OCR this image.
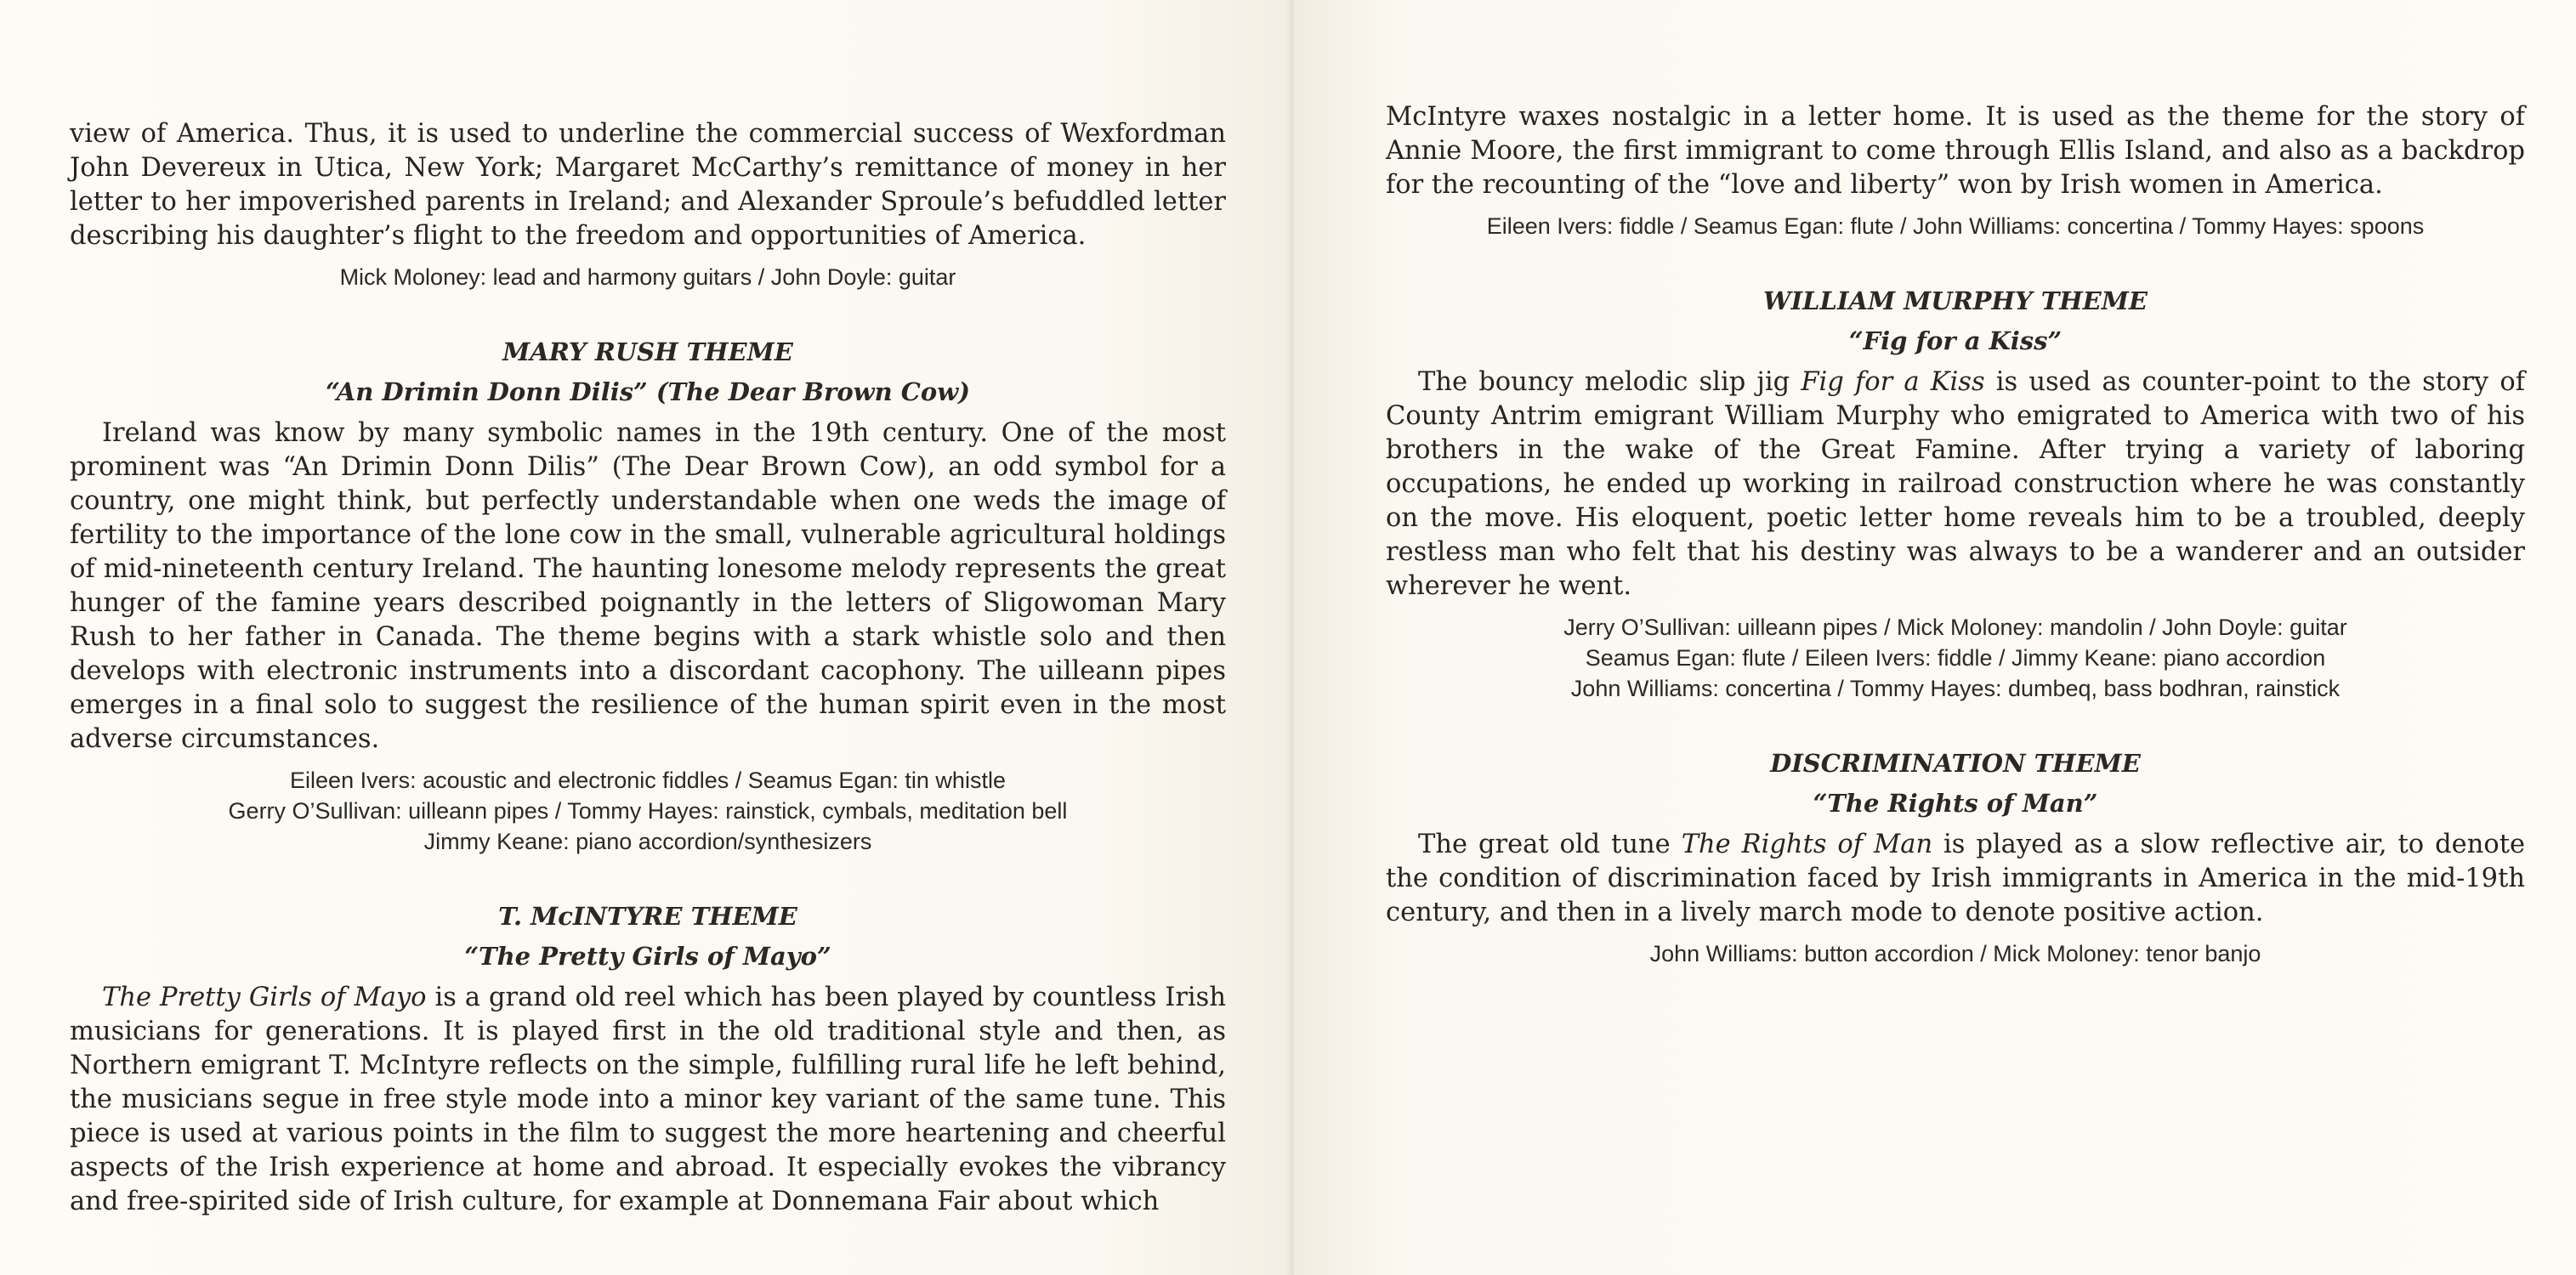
view of America. Thus, it is used to underline the commercial success of Wexfordman John Devereux in Utica, New York; Margaret McCarthy’s remittance of money in her letter to her impoverished parents in Ireland; and Alexander Sproule’s befuddled letter describing his daughter’s flight to the freedom and opportunities of America.

Mick Moloney: lead and harmony guitars / John Doyle: guitar
MARY RUSH THEME
“An Drimin Donn Dilis” (The Dear Brown Cow)

Ireland was know by many symbolic names in the 19th century. One of the most prominent was “An Drimin Donn Dilis” (The Dear Brown Cow), an odd symbol for a country, one might think, but perfectly understandable when one weds the image of fertility to the importance of the lone cow in the small, vulnerable agricultural holdings of mid-nineteenth century Ireland. The haunting lonesome melody represents the great hunger of the famine years described poignantly in the letters of Sligowoman Mary Rush to her father in Canada. The theme begins with a stark whistle solo and then develops with electronic instruments into a discordant cacophony. The uilleann pipes emerges in a final solo to suggest the resilience of the human spirit even in the most adverse circumstances.

Eileen Ivers: acoustic and electronic fiddles / Seamus Egan: tin whistle
Gerry O’Sullivan: uilleann pipes / Tommy Hayes: rainstick, cymbals, meditation bell
Jimmy Keane: piano accordion/synthesizers
T. McINTYRE THEME
“The Pretty Girls of Mayo”

The Pretty Girls of Mayo is a grand old reel which has been played by countless Irish musicians for generations. It is played first in the old traditional style and then, as Northern emigrant T. McIntyre reflects on the simple, fulfilling rural life he left behind, the musicians segue in free style mode into a minor key variant of the same tune. This piece is used at various points in the film to suggest the more heartening and cheerful aspects of the Irish experience at home and abroad. It especially evokes the vibrancy and free-spirited side of Irish culture, for example at Donnemana Fair about which

McIntyre waxes nostalgic in a letter home. It is used as the theme for the story of Annie Moore, the first immigrant to come through Ellis Island, and also as a backdrop for the recounting of the “love and liberty” won by Irish women in America.

Eileen Ivers: fiddle / Seamus Egan: flute / John Williams: concertina / Tommy Hayes: spoons
WILLIAM MURPHY THEME
“Fig for a Kiss”

The bouncy melodic slip jig Fig for a Kiss is used as counter-point to the story of County Antrim emigrant William Murphy who emigrated to America with two of his brothers in the wake of the Great Famine. After trying a variety of laboring occupations, he ended up working in railroad construction where he was constantly on the move. His eloquent, poetic letter home reveals him to be a troubled, deeply restless man who felt that his destiny was always to be a wanderer and an outsider wherever he went.

Jerry O’Sullivan: uilleann pipes / Mick Moloney: mandolin / John Doyle: guitar
Seamus Egan: flute / Eileen Ivers: fiddle / Jimmy Keane: piano accordion
John Williams: concertina / Tommy Hayes: dumbeq, bass bodhran, rainstick
DISCRIMINATION THEME
“The Rights of Man”

The great old tune The Rights of Man is played as a slow reflective air, to denote the condition of discrimination faced by Irish immigrants in America in the mid-19th century, and then in a lively march mode to denote positive action.

John Williams: button accordion / Mick Moloney: tenor banjo
